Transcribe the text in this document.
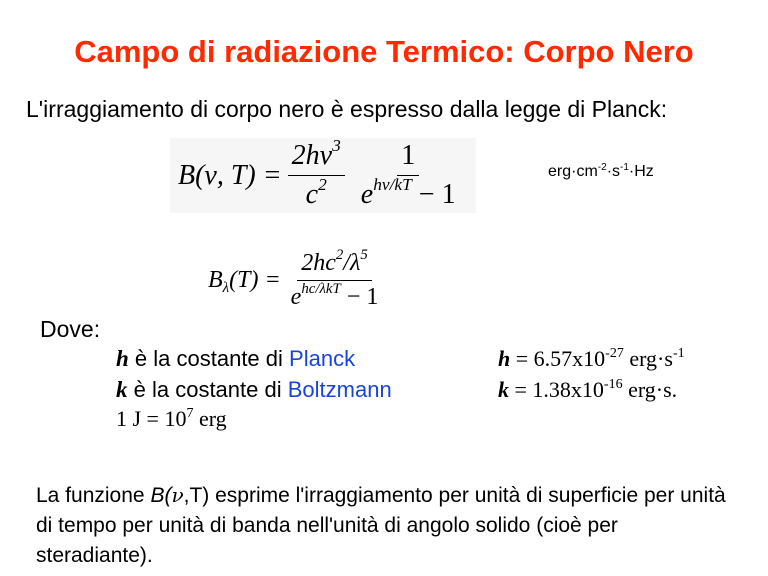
Campo di radiazione Termico: Corpo Nero
L'irraggiamento di corpo nero è espresso dalla legge di Planck:
B(ν, $T) = \frac{2h\nu^3}{c^2} \frac{1}{e^{h\nu/kT} - 1}$	$erg\cdot cm^{-2}\cdot s^{-1}\cdot Hz$
$B_\lambda(T) = \frac{2hc^2/\lambda^5}{e^{hc/\lambda kT} - 1}$
Dove:
h è la costante di Planck
k è la costante di Boltzmann
$h = 6.57x10^{-27}$ $erg\cdot s^{-1}$
$k = 1.38x10^{-16}$ erg·s.
1 $J = 10^7$ erg
La funzione B(ν,T) esprime l'irraggiamento per unità di superficie per unità di tempo per unità di banda nell'unità di angolo solido (cioè per steradiante).
